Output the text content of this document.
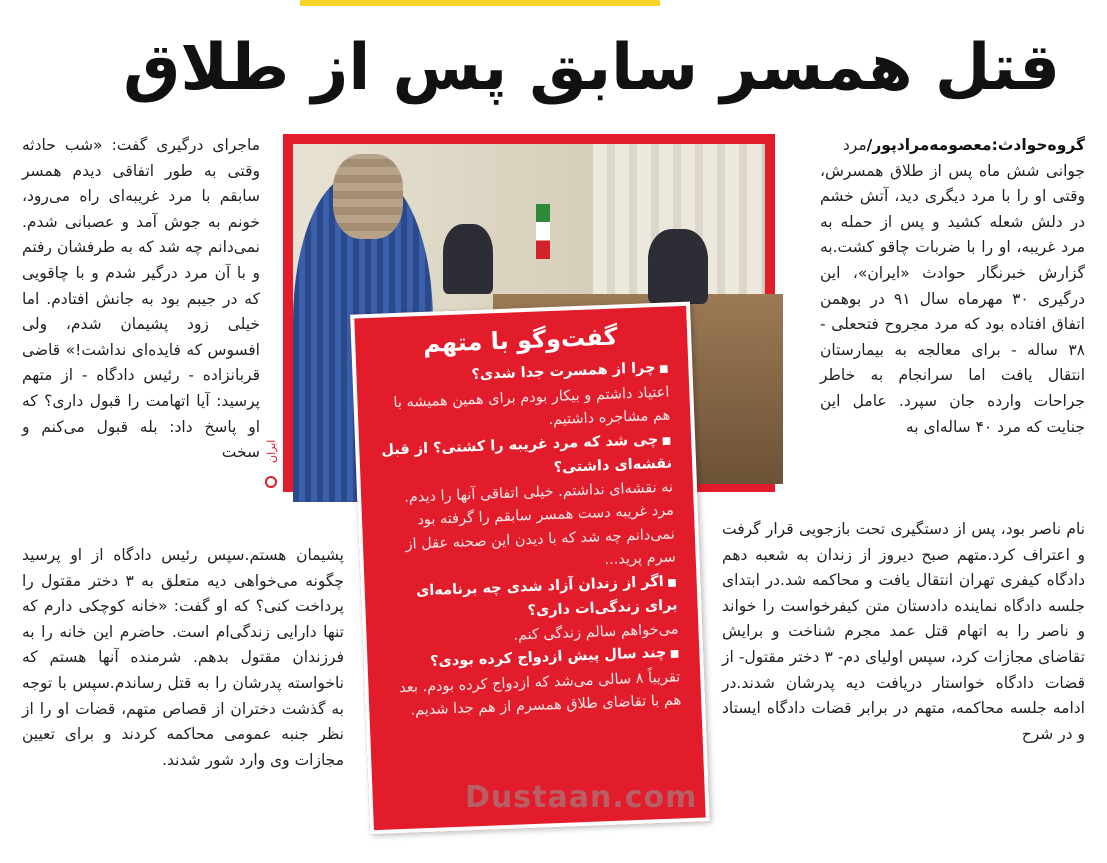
قتل همسر سابق پس از طلاق

گروه‌حوادث:معصومه‌مرادپور/مرد جوانی شش ماه پس از طلاق همسرش، وقتی او را با مرد دیگری دید، آتش خشم در دلش شعله کشید و پس از حمله به مرد غریبه، او را با ضربات چاقو کشت.به گزارش خبرنگار حوادث «ایران»، این درگیری ۳۰ مهرماه سال ۹۱ در بوهمن اتفاق افتاده بود که مرد مجروح فتحعلی - ۳۸ ساله - برای معالجه به بیمارستان انتقال یافت اما سرانجام به خاطر جراحات وارده جان سپرد. عامل این جنایت که مرد ۴۰ ساله‌ای به

نام ناصر بود، پس از دستگیری تحت بازجویی قرار گرفت و اعتراف کرد.متهم صبح دیروز از زندان به شعبه دهم دادگاه کیفری تهران انتقال یافت و محاکمه شد.در ابتدای جلسه دادگاه نماینده دادستان متن کیفرخواست را خواند و ناصر را به اتهام قتل عمد مجرم شناخت و برایش تقاضای مجازات کرد، سپس اولیای دم- ۳ دختر مقتول- از قضات دادگاه خواستار دریافت دیه پدرشان شدند.در ادامه جلسه محاکمه، متهم در برابر قضات دادگاه ایستاد و در شرح

ماجرای درگیری گفت: «شب حادثه وقتی به طور اتفاقی دیدم همسر سابقم با مرد غریبه‌ای راه می‌رود، خونم به جوش آمد و عصبانی شدم. نمی‌دانم چه شد که به طرفشان رفتم و با آن مرد درگیر شدم و با چاقویی که در جیبم بود به جانش افتادم. اما خیلی زود پشیمان شدم، ولی افسوس که فایده‌ای نداشت!» قاضی قربانزاده - رئیس دادگاه - از متهم پرسید: آیا اتهامت را قبول داری؟ که او پاسخ داد: بله قبول می‌کنم و سخت

پشیمان هستم.سپس رئیس دادگاه از او پرسید چگونه می‌خواهی دیه متعلق به ۳ دختر مقتول را پرداخت کنی؟ که او گفت: «خانه کوچکی دارم که تنها دارایی زندگی‌ام است. حاضرم این خانه را به فرزندان مقتول بدهم. شرمنده آنها هستم که ناخواسته پدرشان را به قتل رساندم.سپس با توجه به گذشت دختران از قصاص متهم، قضات او را از نظر جنبه عمومی محاکمه کردند و برای تعیین مجازات وی وارد شور شدند.
ایران
گفت‌وگو با متهم
■ چرا از همسرت جدا شدی؟
اعتیاد داشتم و بیکار بودم برای همین همیشه با هم مشاجره داشتیم.
■ چی شد که مرد غریبه را کشتی؟ از قبل نقشه‌ای داشتی؟
نه نقشه‌ای نداشتم. خیلی اتفاقی آنها را دیدم. مرد غریبه دست همسر سابقم را گرفته بود نمی‌دانم چه شد که با دیدن این صحنه عقل از سرم پرید...
■ اگر از زندان آزاد شدی چه برنامه‌ای برای زندگی‌ات داری؟
می‌خواهم سالم زندگی کنم.
■ چند سال پیش ازدواج کرده بودی؟
تقریباً ۸ سالی می‌شد که ازدواج کرده بودم. بعد هم با تقاضای طلاق همسرم از هم جدا شدیم.
Dustaan.com
